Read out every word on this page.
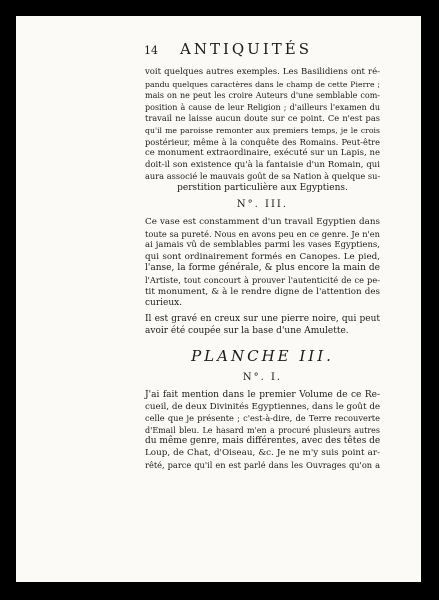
14 ANTIQUITÉS
voit quelques autres exemples. Les Basilidiens ont ré-
pandu quelques caractères dans le champ de cette Pierre ;
mais on ne peut les croire Auteurs d'une semblable com-
position à cause de leur Religion ; d'ailleurs l'examen du
travail ne laisse aucun doute sur ce point. Ce n'est pas
qu'il me paroisse remonter aux premiers temps, je le crois
postérieur, même à la conquête des Romains. Peut-être
ce monument extraordinaire, exécuté sur un Lapis, ne
doit-il son existence qu'à la fantaisie d'un Romain, qui
aura associé le mauvais goût de sa Nation à quelque su-
perstition particulière aux Egyptiens.
N°. III.
Ce vase est constamment d'un travail Egyptien dans
toute sa pureté. Nous en avons peu en ce genre. Je n'en
ai jamais vû de semblables parmi les vases Egyptiens,
qui sont ordinairement formés en Canopes. Le pied,
l'anse, la forme générale, & plus encore la main de
l'Artiste, tout concourt à prouver l'autenticité de ce pe-
tit monument, & à le rendre digne de l'attention des
curieux.
Il est gravé en creux sur une pierre noire, qui peut
avoir été coupée sur la base d'une Amulette.
PLANCHE III.
N°. I.
J'ai fait mention dans le premier Volume de ce Re-
cueil, de deux Divinités Egyptiennes, dans le goût de
celle que je présente ; c'est-à-dire, de Terre recouverte
d'Email bleu. Le hasard m'en a procuré plusieurs autres
du même genre, mais différentes, avec des têtes de
Loup, de Chat, d'Oiseau, &c. Je ne m'y suis point ar-
rêté, parce qu'il en est parlé dans les Ouvrages qu'on a
